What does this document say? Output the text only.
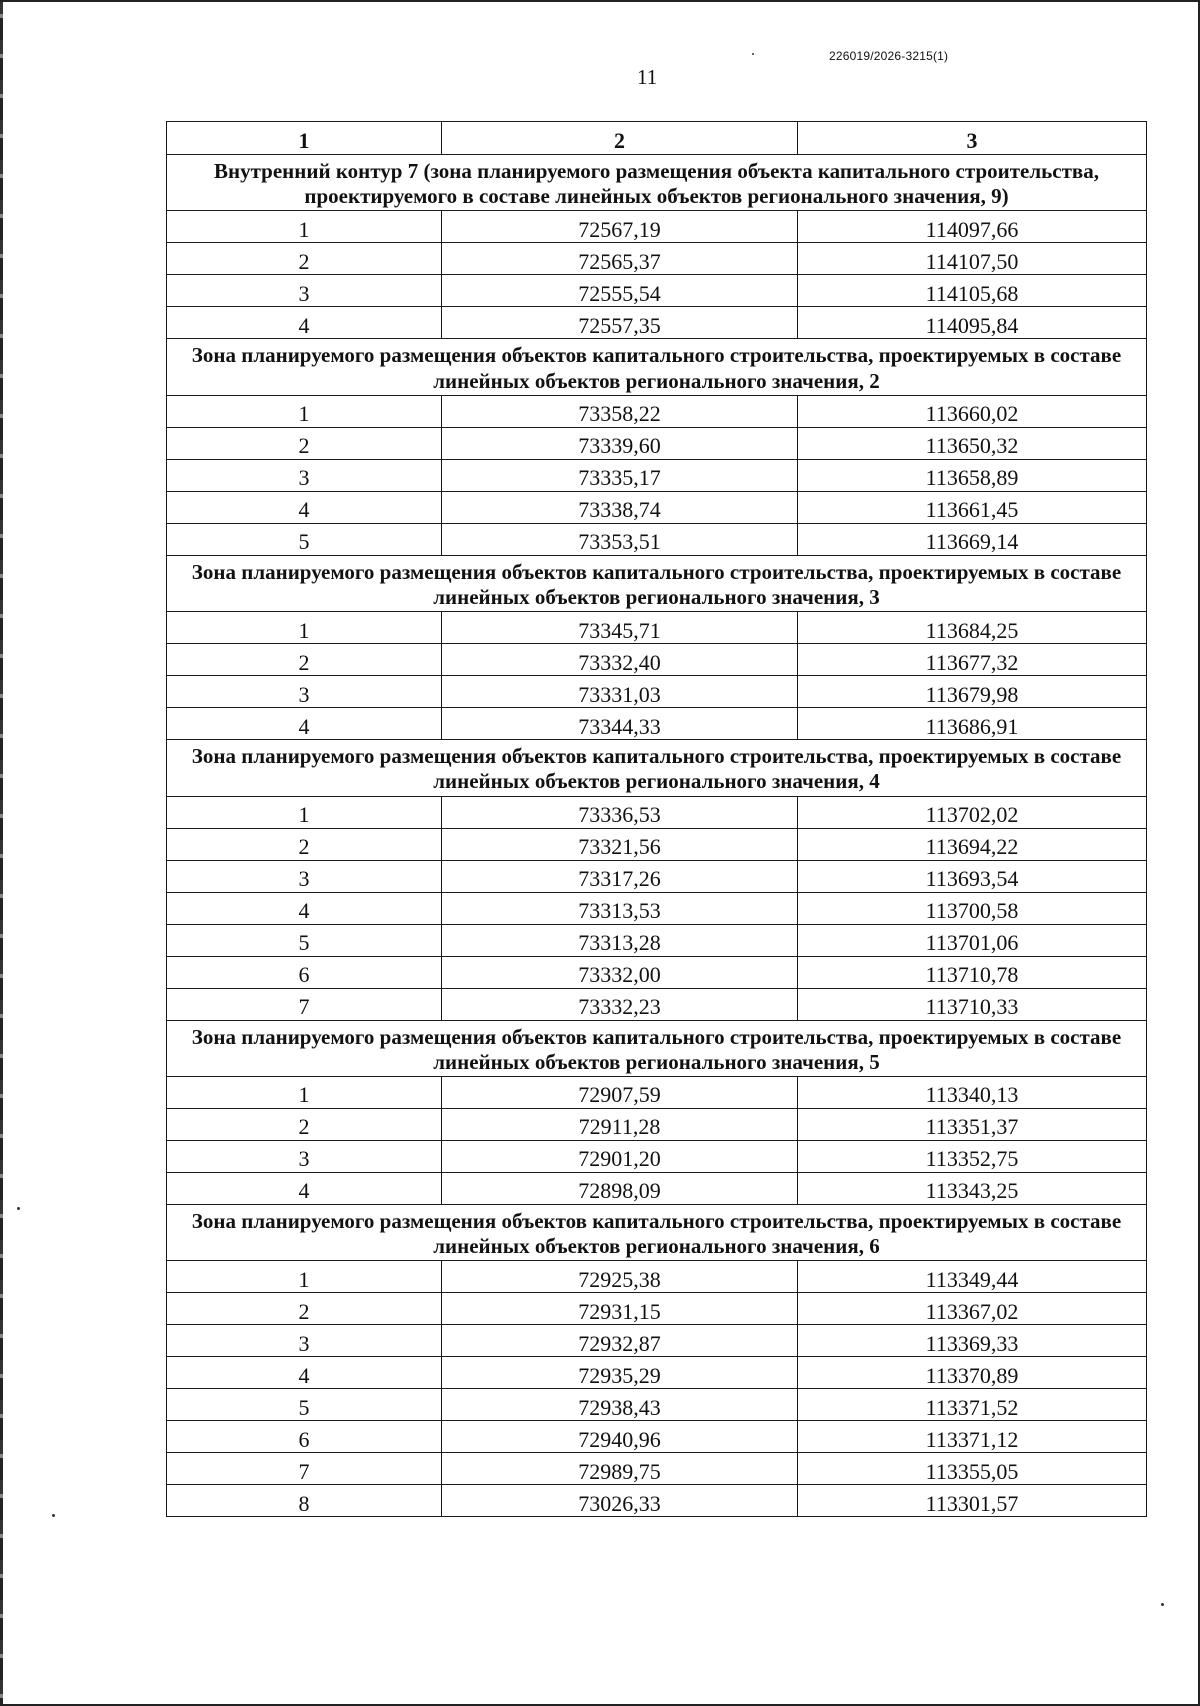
226019/2026-3215(1)
11
1	2	3
Внутренний контур 7 (зона планируемого размещения объекта капитального строительства, проектируемого в составе линейных объектов регионального значения, 9)		
1	72567,19	114097,66
2	72565,37	114107,50
3	72555,54	114105,68
4	72557,35	114095,84
Зона планируемого размещения объектов капитального строительства, проектируемых в составе линейных объектов регионального значения, 2		
1	73358,22	113660,02
2	73339,60	113650,32
3	73335,17	113658,89
4	73338,74	113661,45
5	73353,51	113669,14
Зона планируемого размещения объектов капитального строительства, проектируемых в составе линейных объектов регионального значения, 3		
1	73345,71	113684,25
2	73332,40	113677,32
3	73331,03	113679,98
4	73344,33	113686,91
Зона планируемого размещения объектов капитального строительства, проектируемых в составе линейных объектов регионального значения, 4		
1	73336,53	113702,02
2	73321,56	113694,22
3	73317,26	113693,54
4	73313,53	113700,58
5	73313,28	113701,06
6	73332,00	113710,78
7	73332,23	113710,33
Зона планируемого размещения объектов капитального строительства, проектируемых в составе линейных объектов регионального значения, 5		
1	72907,59	113340,13
2	72911,28	113351,37
3	72901,20	113352,75
4	72898,09	113343,25
Зона планируемого размещения объектов капитального строительства, проектируемых в составе линейных объектов регионального значения, 6		
1	72925,38	113349,44
2	72931,15	113367,02
3	72932,87	113369,33
4	72935,29	113370,89
5	72938,43	113371,52
6	72940,96	113371,12
7	72989,75	113355,05
8	73026,33	113301,57
